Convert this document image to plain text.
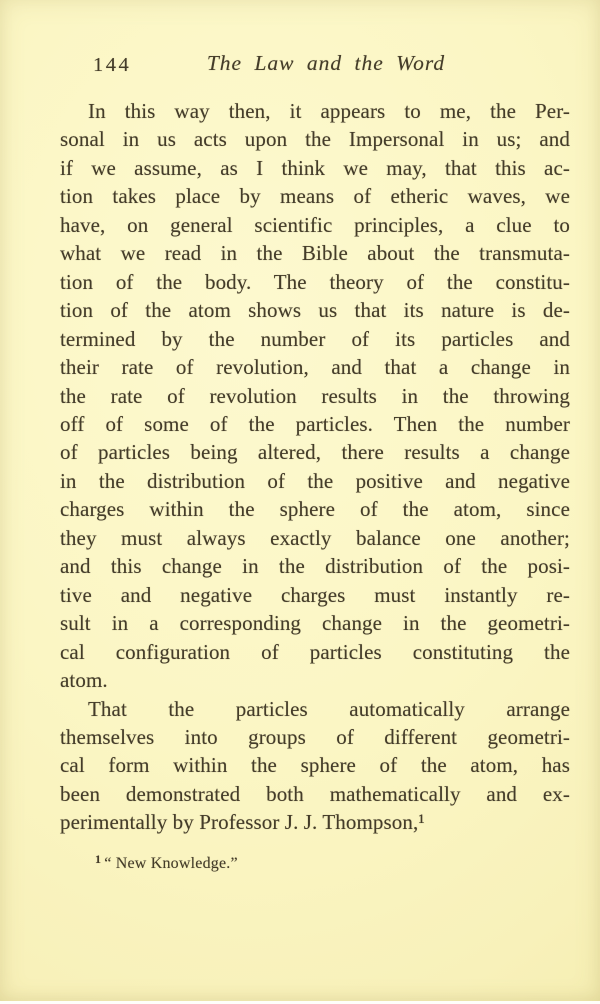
144	The Law and the Word
In this way then, it appears to me, the Per-
sonal in us acts upon the Impersonal in us; and
if we assume, as I think we may, that this ac-
tion takes place by means of etheric waves, we
have, on general scientific principles, a clue to
what we read in the Bible about the transmuta-
tion of the body. The theory of the constitu-
tion of the atom shows us that its nature is de-
termined by the number of its particles and
their rate of revolution, and that a change in
the rate of revolution results in the throwing
off of some of the particles. Then the number
of particles being altered, there results a change
in the distribution of the positive and negative
charges within the sphere of the atom, since
they must always exactly balance one another;
and this change in the distribution of the posi-
tive and negative charges must instantly re-
sult in a corresponding change in the geometri-
cal configuration of particles constituting the
atom.
That the particles automatically arrange
themselves into groups of different geometri-
cal form within the sphere of the atom, has
been demonstrated both mathematically and ex-
perimentally by Professor J. J. Thompson,¹
$^1$ “ New Knowledge.”
